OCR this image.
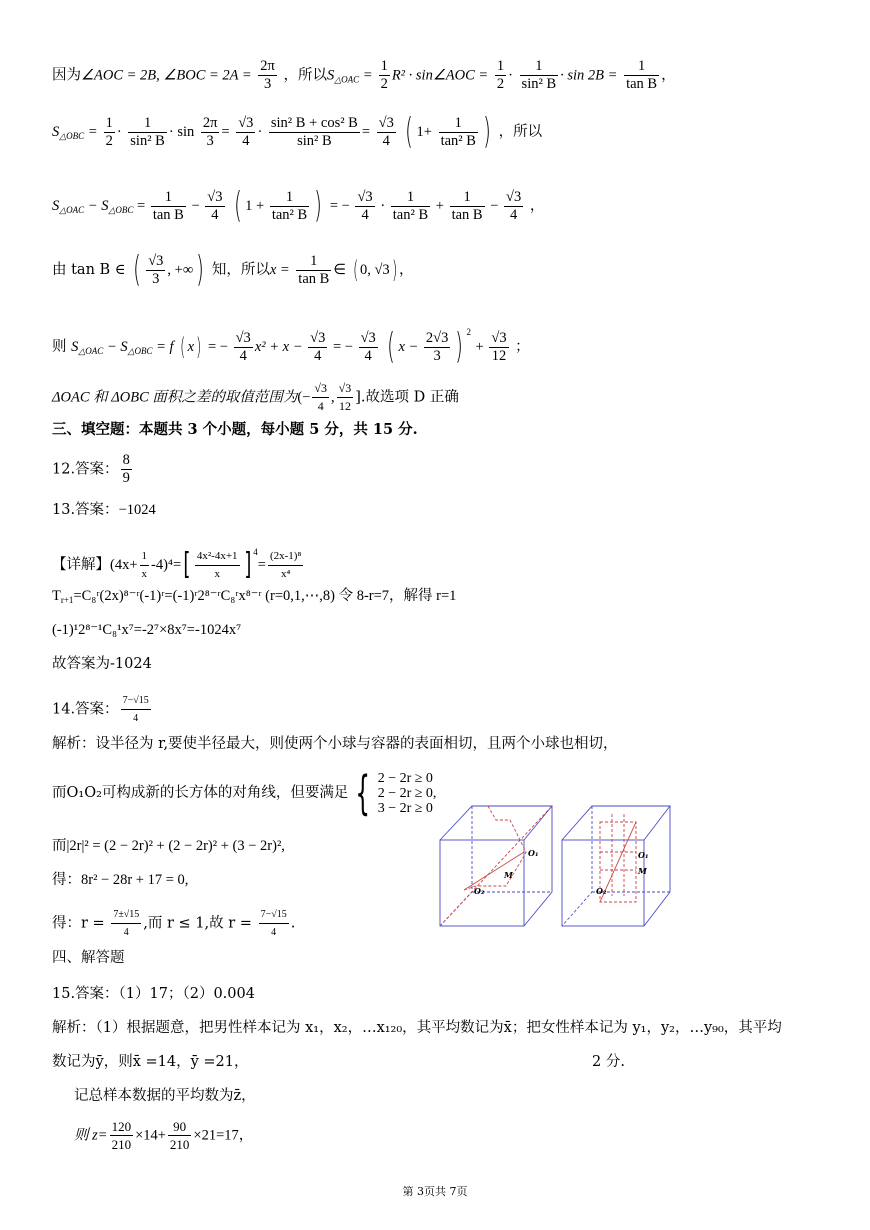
因为∠AOC = 2B, ∠BOC = $2A = \frac{2\pi}{3}$ ，所以$S_{\triangle OAC} = \frac{1}{2} R^2$ · sin∠AOC = $\frac{1}{2} \cdot \frac{1}{\text{sin² B}} \cdot \sin 2B = \frac{1}{\text{tan B}}$ ，
$S_{\triangle OBC} = \frac{1}{2} \cdot \frac{1}{\text{sin² B}} \cdot \sin \frac{2\pi}{3} = \frac{√3}{4} \cdot \frac{\text{sin² B + cos² B}}{\text{sin² B}} = \frac{√3}{4}$ ( $1+ \frac{1}{\text{tan² B}}$ ) ，所以
$S_{\triangle OAC} - S_{\triangle OBC} = \frac{1}{\text{tan B}} - \frac{√3}{4}$ ( $1 + \frac{1}{\text{tan² B}}$ ) = − $\frac{√3}{4} \cdot \frac{1}{\text{tan² B}} + \frac{1}{\text{tan B}} - \frac{√3}{4}$ ，
由 tan B ∈ ( $\frac{√3}{3}$ , +∞) 知，所以$x = \frac{1}{\text{tan B}}$ ∈ ( 0, √3) ，
则 $S_{\triangle OAC} - S_{\triangle OBC} = f$ ( x) = − $\frac{√3}{4} x^2 + x - \frac{√3}{4}$ = − $\frac{√3}{4}$ ( $x - \frac{2√3}{3}$ ) $^2 + \frac{√3}{12}$ ；
ΔOAC 和 ΔOBC 面积之差的取值范围为(− $\frac{√3}{4}$ , $\frac{√3}{12}$ ].故选项 D 正确
三、填空题：本题共 3 个小题，每小题 5 分，共 15 分.
12.答案： $\frac{8}{9}$
13.答案：−1024
【详解】$(4x+ \frac{1}{x} -4)^4=[ \frac{\text{4x²-4x+1}}{x}$ ] $^4= \frac{\text{(2x-1)⁸}}{\text{x⁴}}$
$T_{r+1}=C_8ʳ(2x)^{8-}ʳ(-1)ʳ=(-1)ʳ2^{8-}ʳC_8ʳx^{8-}ʳ$ (r=0,1,⋯,8) 令 8-r=7，解得 r=1
(-1)¹2⁸⁻¹C₈¹x⁷=-2⁷×8x⁷=-1024x⁷
故答案为-1024
14.答案： $\frac{7-√15}{4}$
解析：设半径为 r,要使半径最大，则使两个小球与容器的表面相切，且两个小球也相切，
而O₁O₂可构成新的长方体的对角线，但要满足 { 2 − 2r ≥ 0
2 − 2r ≥ 0,
3 − 2r ≥ 0
而|2r|² = (2 − 2r)² + (2 − 2r)² + (3 − 2r)²,
得：8r² − 28r + 17 = 0,
得：$r = \frac{7\pm√15}{4}$ ,而 r ≤ 1,故 $r = \frac{7-√15}{4}$ .
O₁
M
O₂
O₁
M
O₂
四、解答题
15.答案：（1）17；（2）0.004
解析：（1）根据题意，把男性样本记为 x₁，x₂，…x₁₂₀，其平均数记为x̄；把女性样本记为 y₁，y₂，…y₉₀，其平均
数记为ȳ，则x̄ =14，ȳ =21，	2 分.
记总样本数据的平均数为z̄，
则 $z= \frac{120}{210} \times 14+ \frac{90}{210} \times 21=17$，
第 3页共 7页
